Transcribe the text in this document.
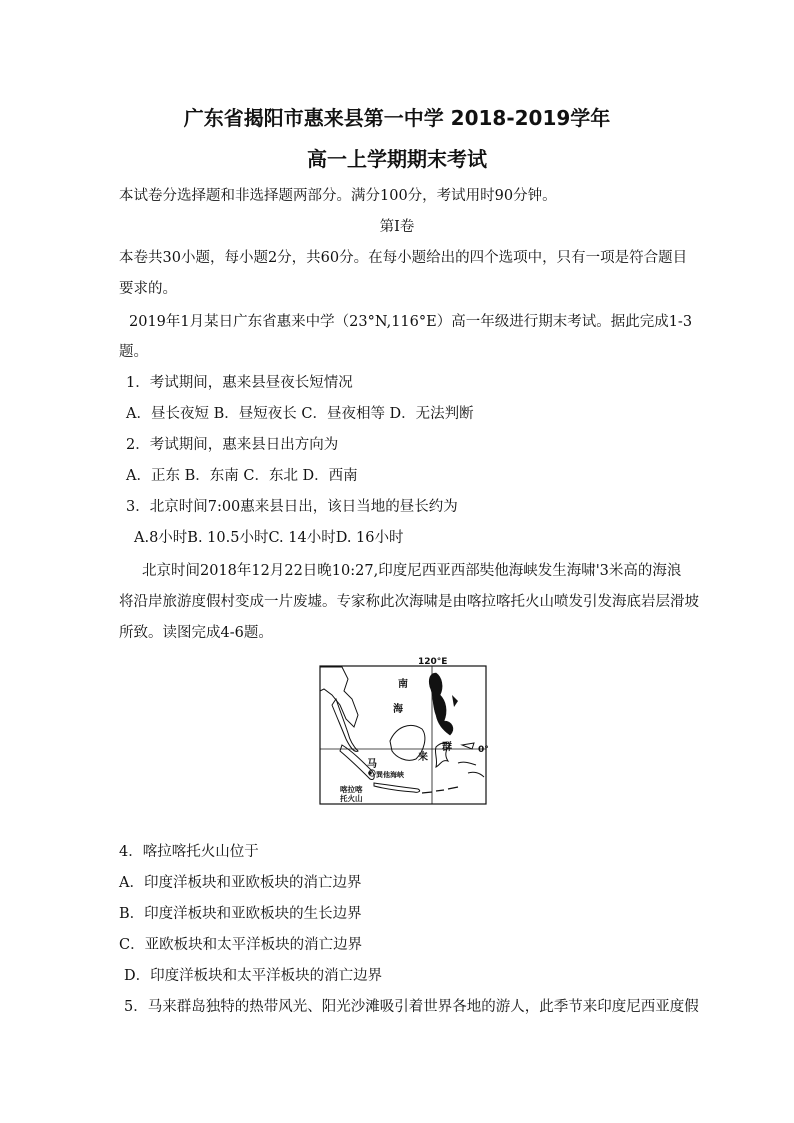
广东省揭阳市惠来县第一中学 2018-2019学年
高一上学期期末考试
本试卷分选择题和非选择题两部分。满分100分，考试用时90分钟。
第I卷
本卷共30小题，每小题2分，共60分。在每小题给出的四个选项中，只有一项是符合题目
要求的。
2019年1月某日广东省惠来中学（23°N,116°E）高一年级进行期末考试。据此完成1-3
题。
1．考试期间，惠来县昼夜长短情况
A．昼长夜短 B．昼短夜长 C．昼夜相等 D．无法判断
2．考试期间，惠来县日出方向为
A．正东 B．东南 C．东北 D．西南
3．北京时间7:00惠来县日出，该日当地的昼长约为
A.8小时B. 10.5小时C. 14小时D. 16小时
北京时间2018年12月22日晚10:27,印度尼西亚西部奘他海峡发生海啸'3米高的海浪
将沿岸旅游度假村变成一片废墟。专家称此次海啸是由喀拉喀托火山喷发引发海底岩层滑坡
所致。读图完成4-6题。
120°E
0°
南
海
马
来
群
巽他海峡
喀拉喀
托火山
4．喀拉喀托火山位于
A．印度洋板块和亚欧板块的消亡边界
B．印度洋板块和亚欧板块的生长边界
C．亚欧板块和太平洋板块的消亡边界
D．印度洋板块和太平洋板块的消亡边界
5．马来群岛独特的热带风光、阳光沙滩吸引着世界各地的游人，此季节来印度尼西亚度假
